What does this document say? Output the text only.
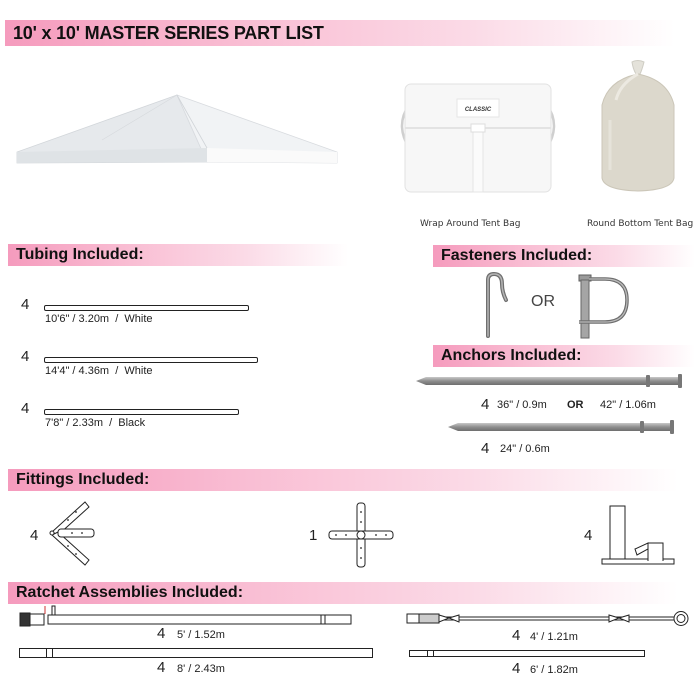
10' x 10' MASTER SERIES PART LIST
CLASSIC
Wrap Around Tent Bag	Round Bottom Tent Bag
Tubing Included:
4
10'6" / 3.20m  /  White
4
14'4" / 4.36m  /  White
4
7'8" / 2.33m  /  Black
Fasteners Included:
OR
Anchors Included:
4 36" / 0.9m OR 42" / 1.06m
4 24" / 0.6m
Fittings Included:
4	1	4
Ratchet Assemblies Included:
4 5' / 1.52m
4 8' / 2.43m
4 4' / 1.21m
4 6' / 1.82m
